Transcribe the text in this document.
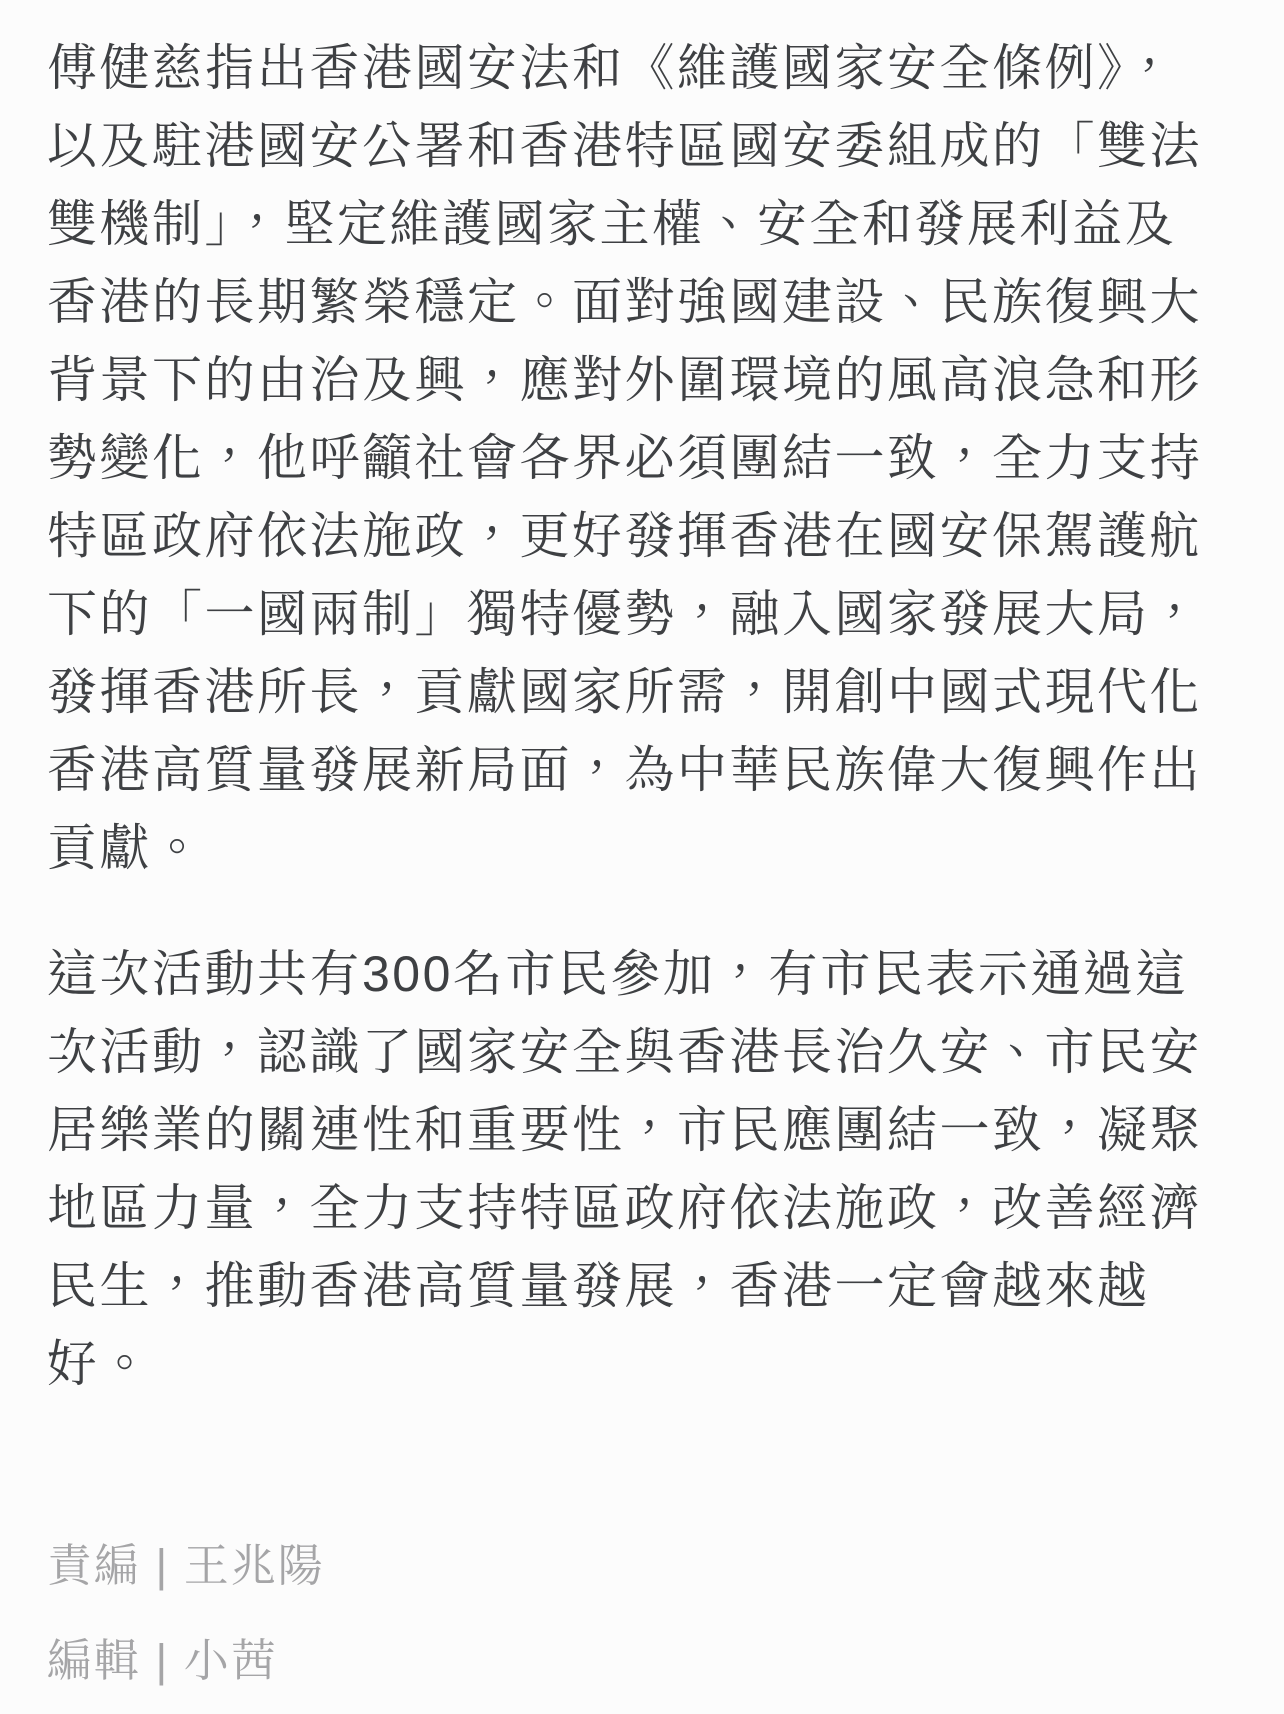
傅健慈指出香港國安法和《維護國家安全條例》，以及駐港國安公署和香港特區國安委組成的「雙法雙機制」，堅定維護國家主權、安全和發展利益及香港的長期繁榮穩定。面對強國建設、民族復興大背景下的由治及興，應對外圍環境的風高浪急和形勢變化，他呼籲社會各界必須團結一致，全力支持特區政府依法施政，更好發揮香港在國安保駕護航下的「一國兩制」獨特優勢，融入國家發展大局，發揮香港所長，貢獻國家所需，開創中國式現代化香港高質量發展新局面，為中華民族偉大復興作出貢獻。

這次活動共有300名市民參加，有市民表示通過這次活動，認識了國家安全與香港長治久安、市民安居樂業的關連性和重要性，市民應團結一致，凝聚地區力量，全力支持特區政府依法施政，改善經濟民生，推動香港高質量發展，香港一定會越來越好。

責編 | 王兆陽

編輯 | 小茜
